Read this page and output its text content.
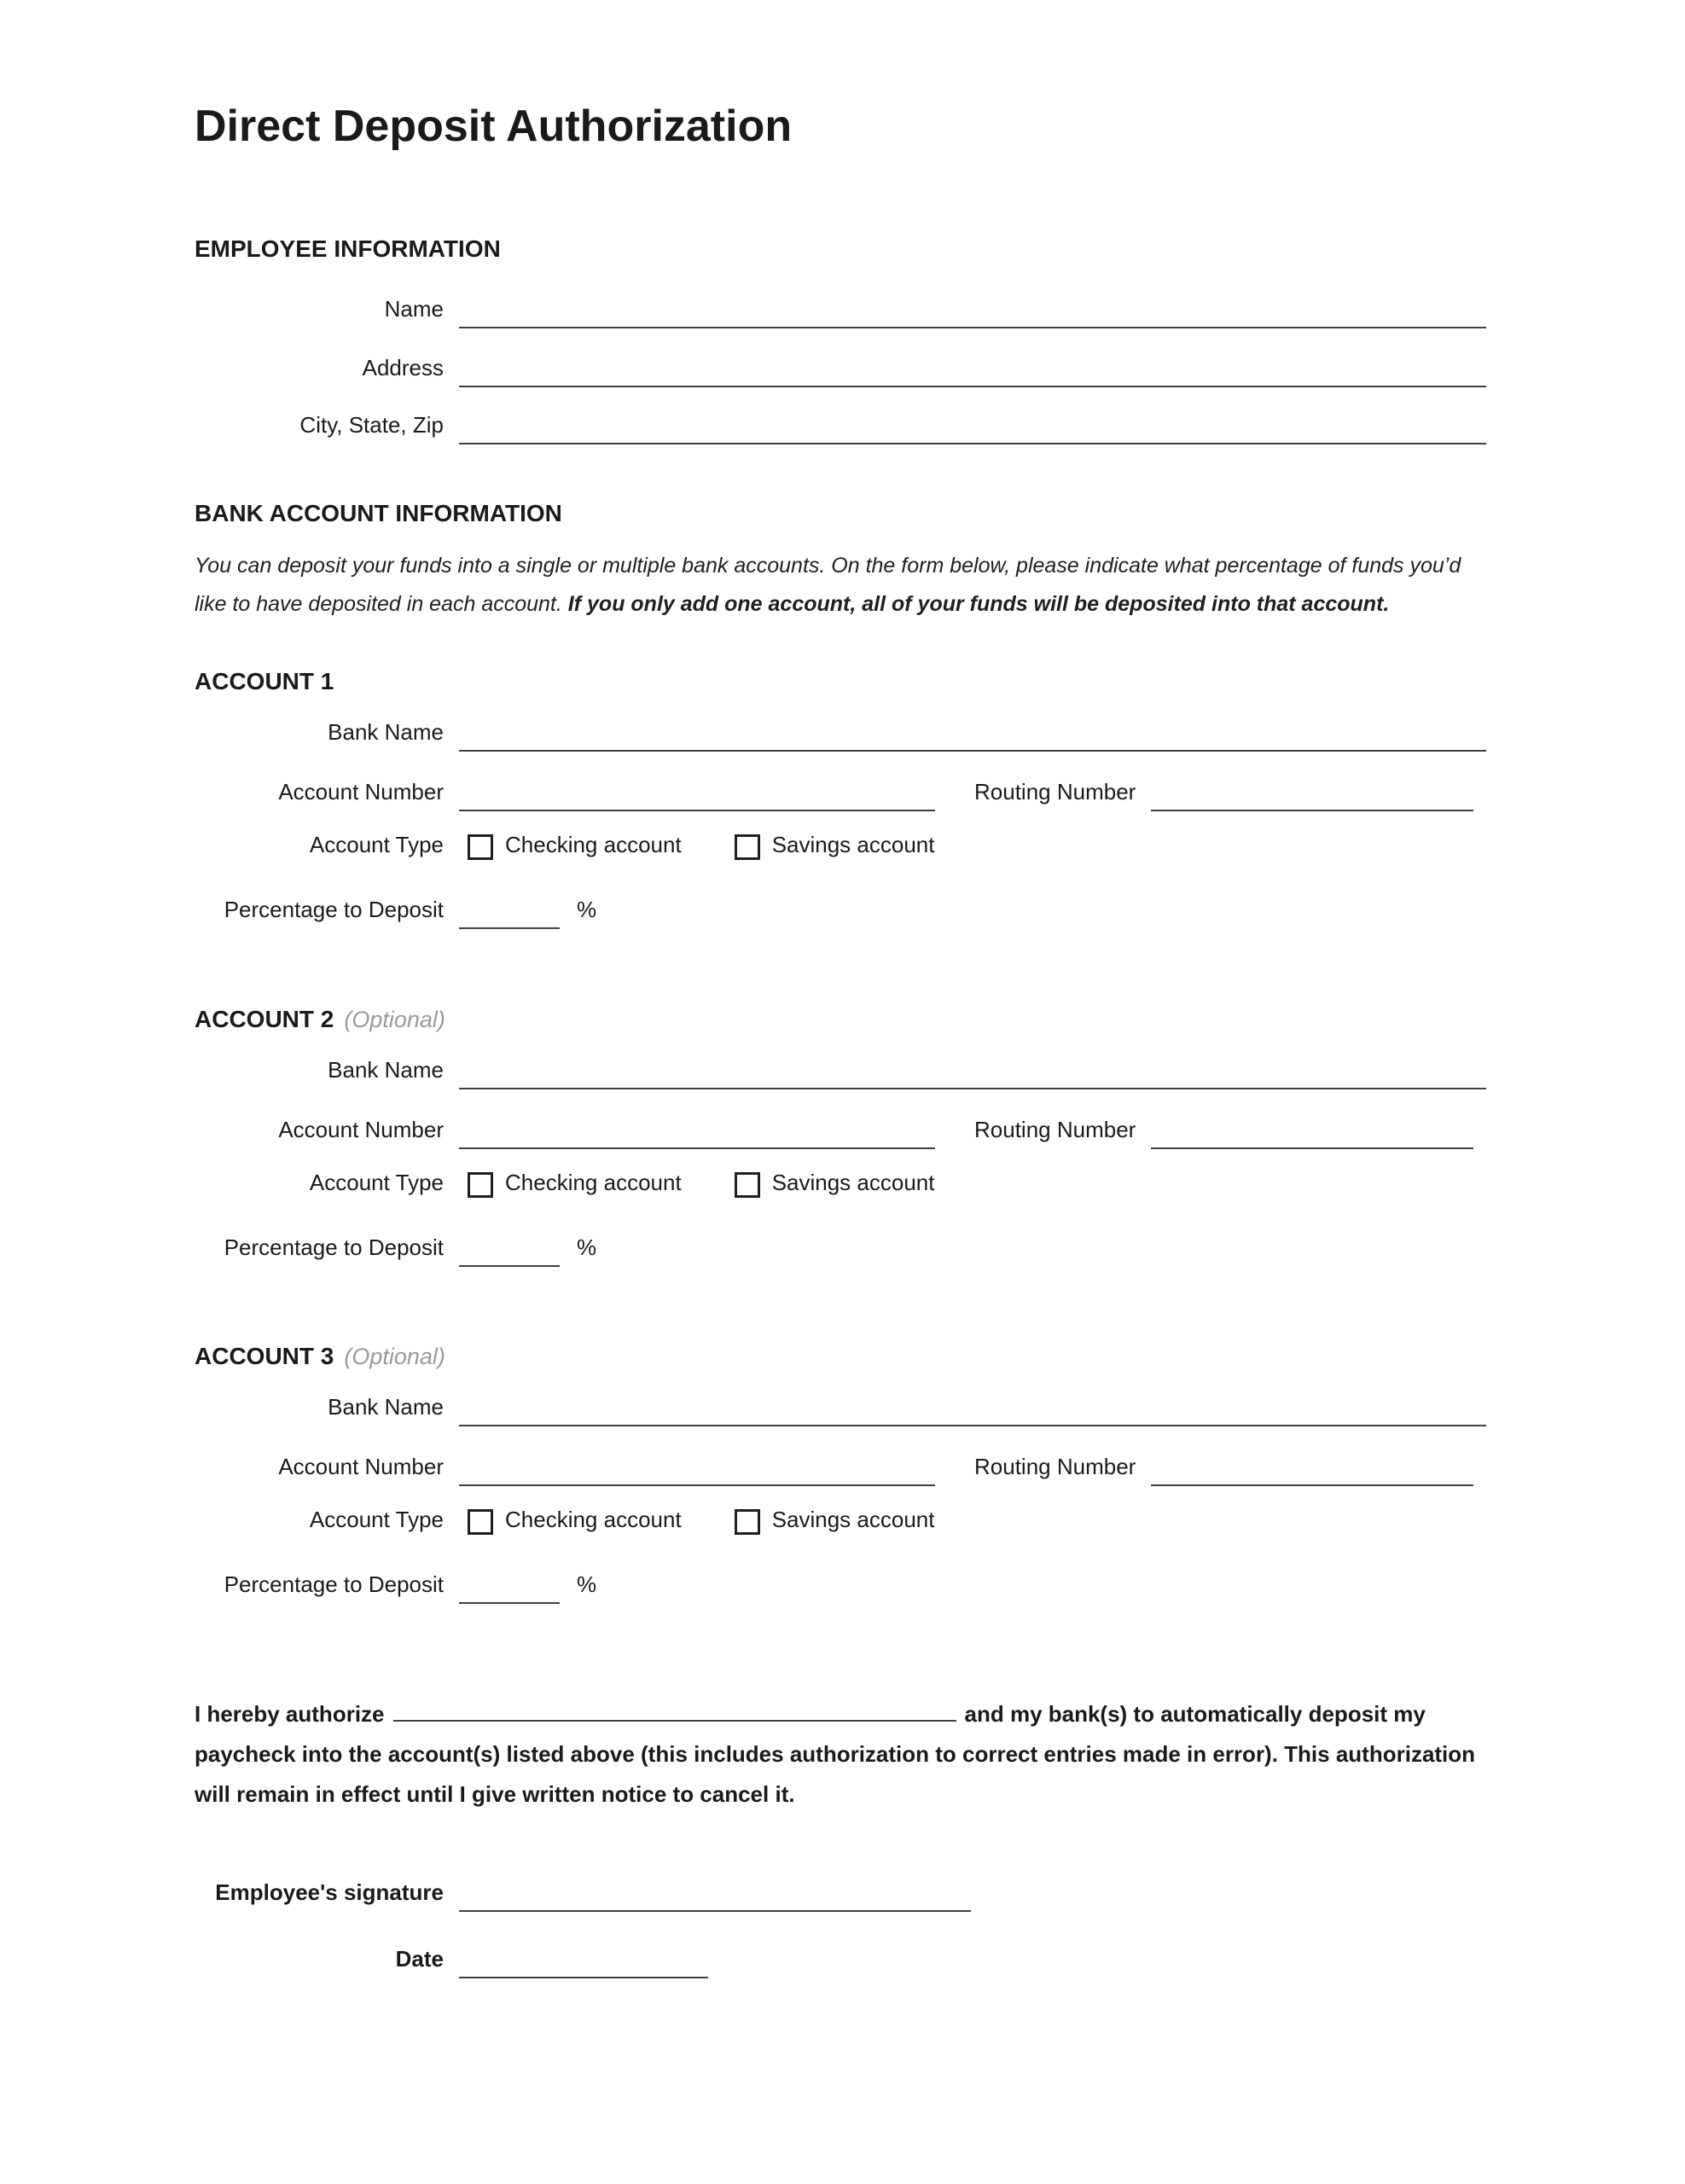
Direct Deposit Authorization
EMPLOYEE INFORMATION
Name
Address
City, State, Zip
BANK ACCOUNT INFORMATION
You can deposit your funds into a single or multiple bank accounts. On the form below, please indicate what percentage of funds you’d like to have deposited in each account. If you only add one account, all of your funds will be deposited into that account.
ACCOUNT 1
Bank Name
Account Number	Routing Number
Account Type	Checking account	Savings account
Percentage to Deposit	%
ACCOUNT 2 (Optional)
Bank Name
Account Number	Routing Number
Account Type	Checking account	Savings account
Percentage to Deposit	%
ACCOUNT 3 (Optional)
Bank Name
Account Number	Routing Number
Account Type	Checking account	Savings account
Percentage to Deposit	%
I hereby authorize	and my bank(s) to automatically deposit my paycheck into the account(s) listed above (this includes authorization to correct entries made in error). This authorization will remain in effect until I give written notice to cancel it.
Employee's signature
Date
